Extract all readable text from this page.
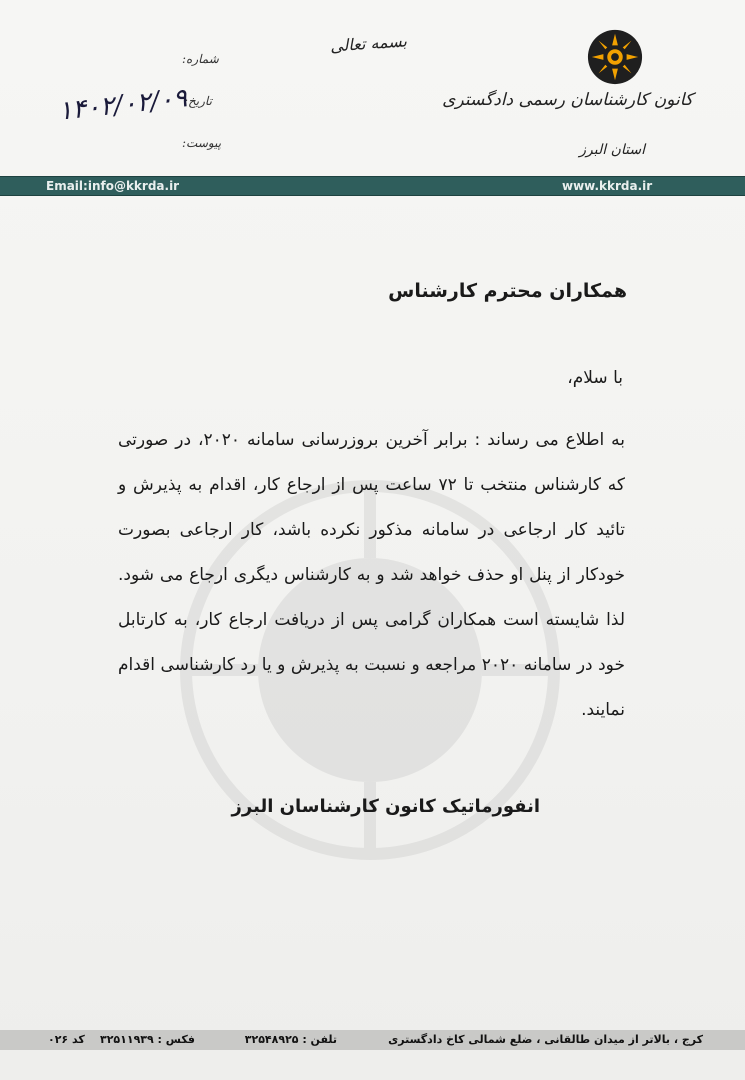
کانون کارشناسان رسمی دادگستری
استان البرز
بسمه تعالی
شماره:
تاریخ:
پیوست:
۱۴۰۲/۰۲/۰۹
Email:info@kkrda.ir	www.kkrda.ir
همکاران محترم کارشناس
با سلام،
به اطلاع می رساند : برابر آخرین بروزرسانی سامانه ۲۰۲۰، در صورتی که کارشناس منتخب تا ۷۲ ساعت پس از ارجاع کار، اقدام به پذیرش و تائید کار ارجاعی در سامانه مذکور نکرده باشد، کار ارجاعی بصورت خودکار از پنل او حذف خواهد شد و به کارشناس دیگری ارجاع می شود. لذا شایسته است همکاران گرامی پس از دریافت ارجاع کار، به کارتابل خود در سامانه ۲۰۲۰ مراجعه و نسبت به پذیرش و یا رد کارشناسی اقدام نمایند.
انفورماتیک کانون کارشناسان البرز
کرج ، بالاتر از میدان طالقانی ، ضلع شمالی کاخ دادگستری
تلفن : ۳۲۵۴۸۹۲۵
فکس : ۳۲۵۱۱۹۳۹
کد ۰۲۶
